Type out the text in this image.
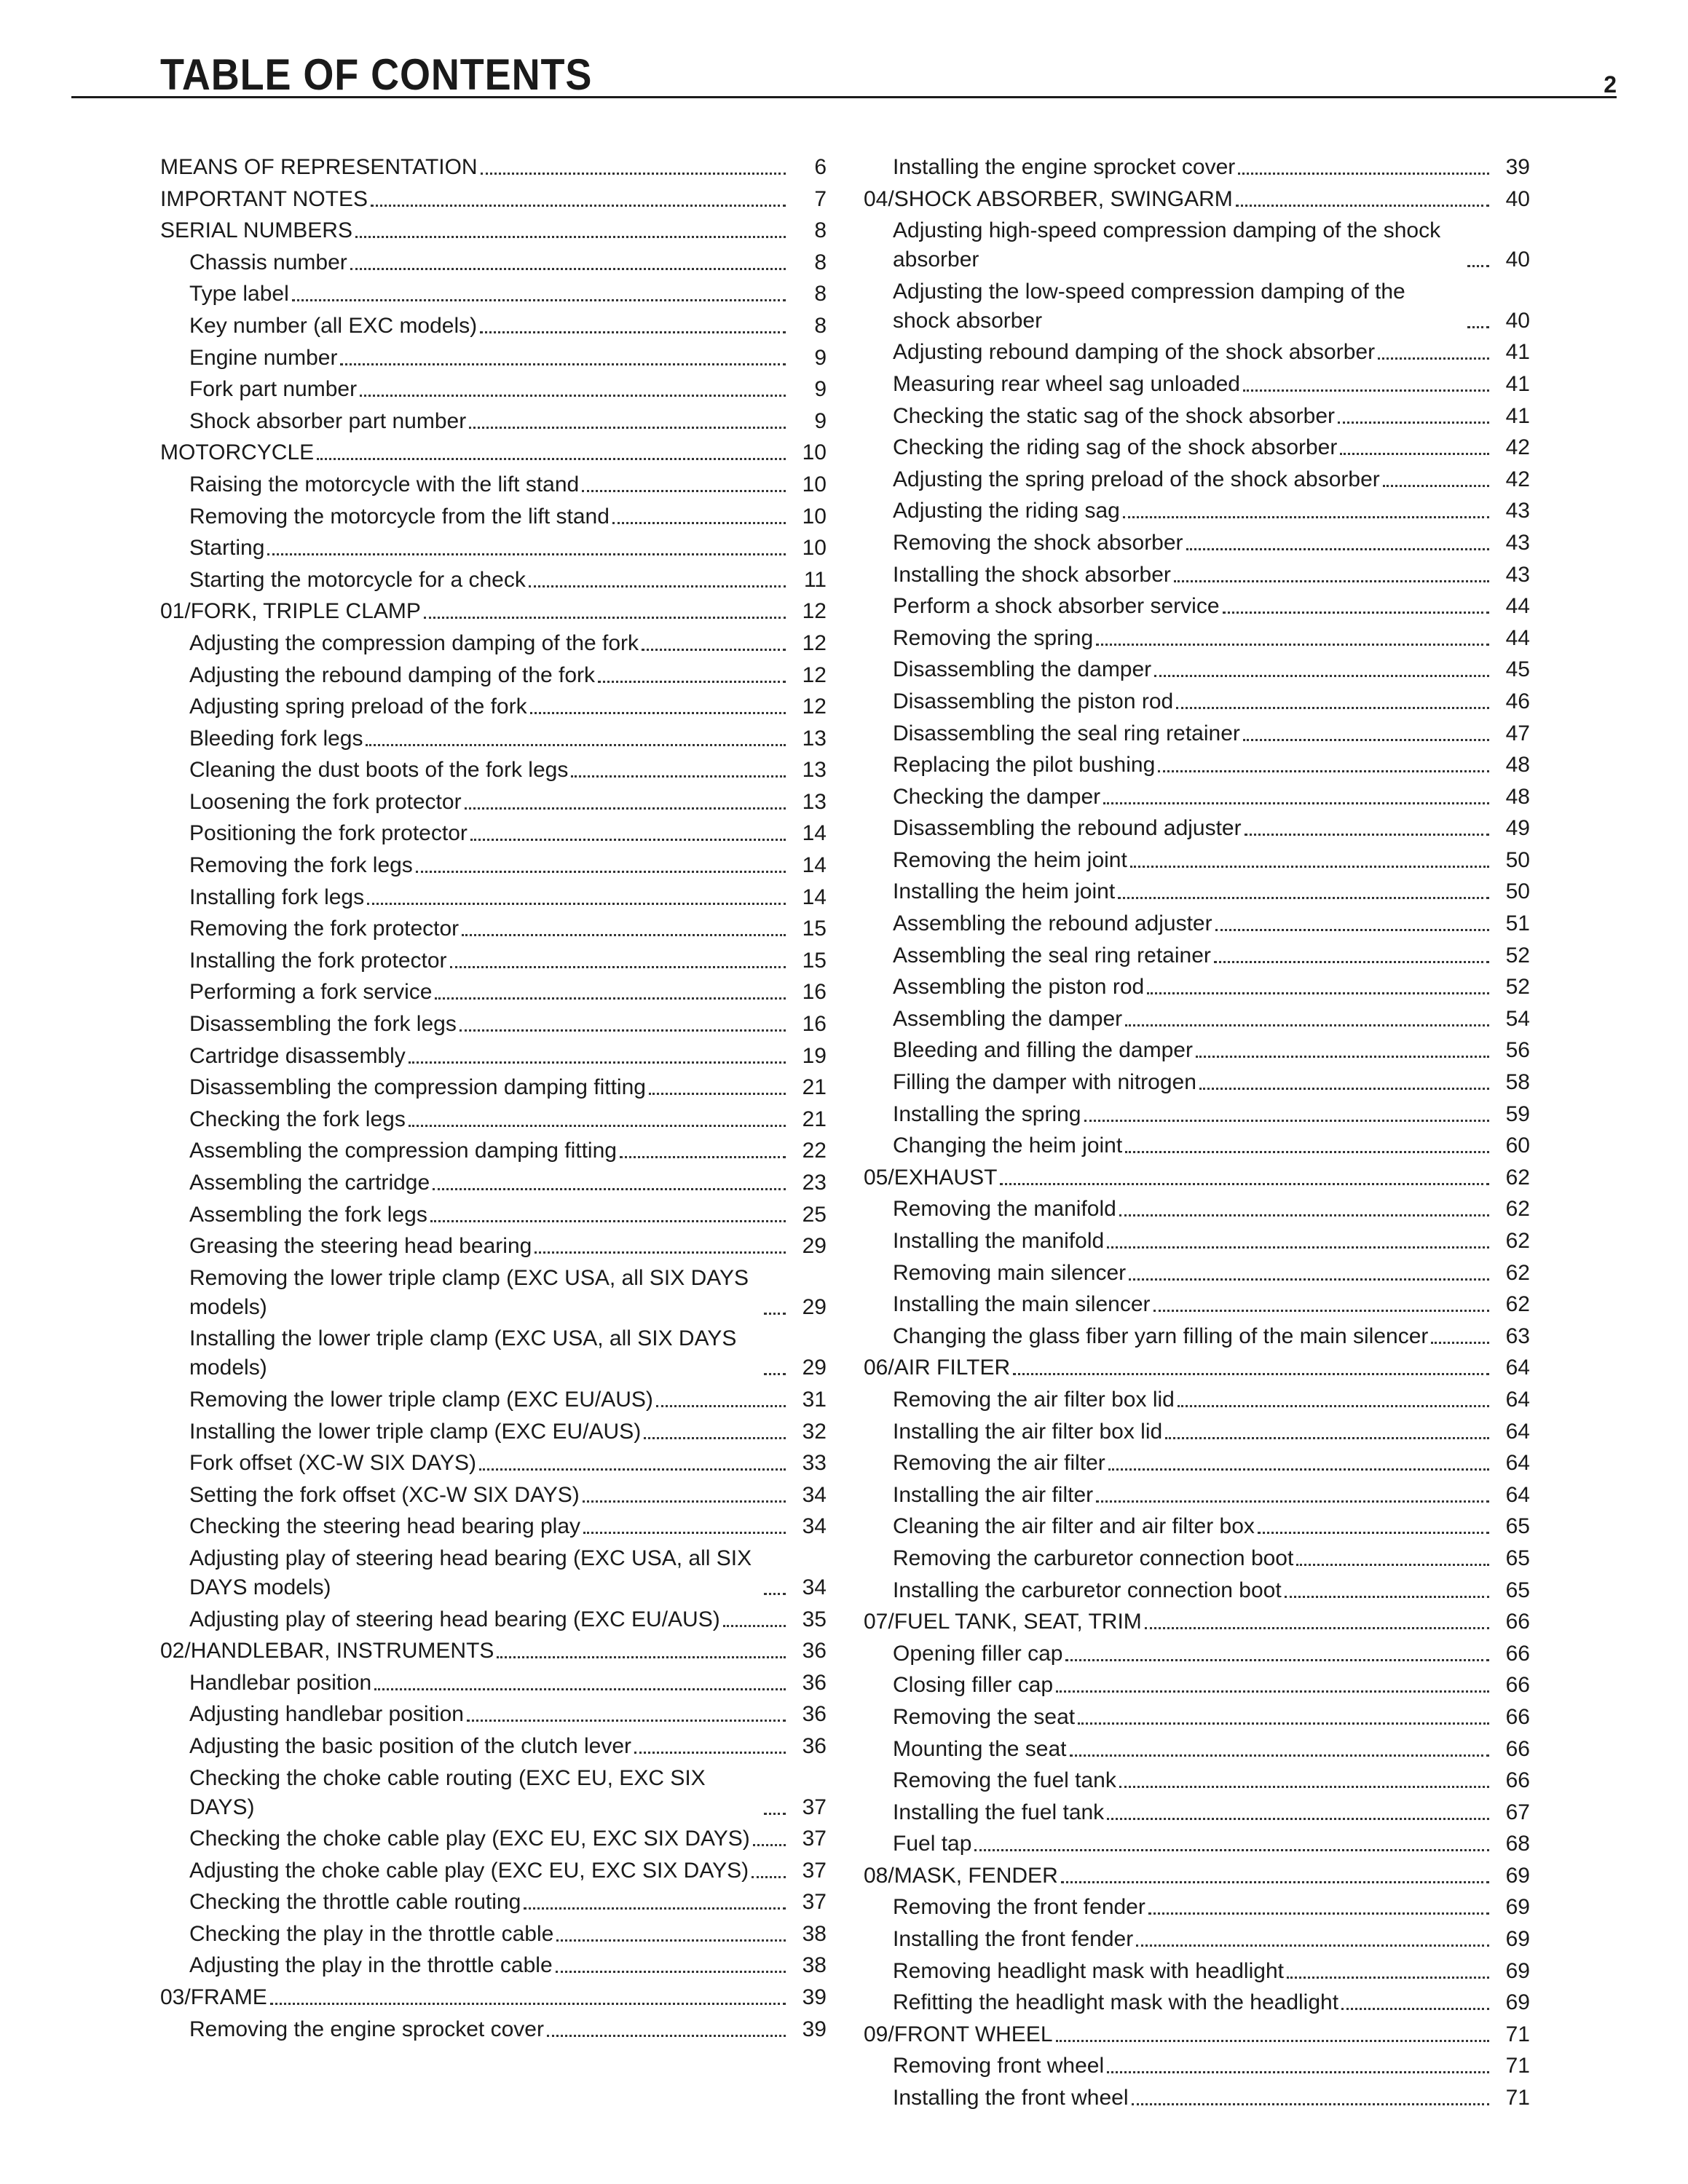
TABLE OF CONTENTS	2
MEANS OF REPRESENTATION	6
IMPORTANT NOTES	7
SERIAL NUMBERS	8
Chassis number	8
Type label	8
Key number (all EXC models)	8
Engine number	9
Fork part number	9
Shock absorber part number	9
MOTORCYCLE	10
Raising the motorcycle with the lift stand	10
Removing the motorcycle from the lift stand	10
Starting	10
Starting the motorcycle for a check	11
01/FORK, TRIPLE CLAMP	12
Adjusting the compression damping of the fork	12
Adjusting the rebound damping of the fork	12
Adjusting spring preload of the fork	12
Bleeding fork legs	13
Cleaning the dust boots of the fork legs	13
Loosening the fork protector	13
Positioning the fork protector	14
Removing the fork legs	14
Installing fork legs	14
Removing the fork protector	15
Installing the fork protector	15
Performing a fork service	16
Disassembling the fork legs	16
Cartridge disassembly	19
Disassembling the compression damping fitting	21
Checking the fork legs	21
Assembling the compression damping fitting	22
Assembling the cartridge	23
Assembling the fork legs	25
Greasing the steering head bearing	29
Removing the lower triple clamp (EXC USA, all SIX DAYS models)	29
Installing the lower triple clamp (EXC USA, all SIX DAYS models)	29
Removing the lower triple clamp (EXC EU/AUS)	31
Installing the lower triple clamp (EXC EU/AUS)	32
Fork offset (XC-W SIX DAYS)	33
Setting the fork offset (XC-W SIX DAYS)	34
Checking the steering head bearing play	34
Adjusting play of steering head bearing (EXC USA, all SIX DAYS models)	34
Adjusting play of steering head bearing (EXC EU/AUS)	35
02/HANDLEBAR, INSTRUMENTS	36
Handlebar position	36
Adjusting handlebar position	36
Adjusting the basic position of the clutch lever	36
Checking the choke cable routing (EXC EU, EXC SIX DAYS)	37
Checking the choke cable play (EXC EU, EXC SIX DAYS)	37
Adjusting the choke cable play (EXC EU, EXC SIX DAYS)	37
Checking the throttle cable routing	37
Checking the play in the throttle cable	38
Adjusting the play in the throttle cable	38
03/FRAME	39
Removing the engine sprocket cover	39
Installing the engine sprocket cover	39
04/SHOCK ABSORBER, SWINGARM	40
Adjusting high-speed compression damping of the shock absorber	40
Adjusting the low-speed compression damping of the shock absorber	40
Adjusting rebound damping of the shock absorber	41
Measuring rear wheel sag unloaded	41
Checking the static sag of the shock absorber	41
Checking the riding sag of the shock absorber	42
Adjusting the spring preload of the shock absorber	42
Adjusting the riding sag	43
Removing the shock absorber	43
Installing the shock absorber	43
Perform a shock absorber service	44
Removing the spring	44
Disassembling the damper	45
Disassembling the piston rod	46
Disassembling the seal ring retainer	47
Replacing the pilot bushing	48
Checking the damper	48
Disassembling the rebound adjuster	49
Removing the heim joint	50
Installing the heim joint	50
Assembling the rebound adjuster	51
Assembling the seal ring retainer	52
Assembling the piston rod	52
Assembling the damper	54
Bleeding and filling the damper	56
Filling the damper with nitrogen	58
Installing the spring	59
Changing the heim joint	60
05/EXHAUST	62
Removing the manifold	62
Installing the manifold	62
Removing main silencer	62
Installing the main silencer	62
Changing the glass fiber yarn filling of the main silencer	63
06/AIR FILTER	64
Removing the air filter box lid	64
Installing the air filter box lid	64
Removing the air filter	64
Installing the air filter	64
Cleaning the air filter and air filter box	65
Removing the carburetor connection boot	65
Installing the carburetor connection boot	65
07/FUEL TANK, SEAT, TRIM	66
Opening filler cap	66
Closing filler cap	66
Removing the seat	66
Mounting the seat	66
Removing the fuel tank	66
Installing the fuel tank	67
Fuel tap	68
08/MASK, FENDER	69
Removing the front fender	69
Installing the front fender	69
Removing headlight mask with headlight	69
Refitting the headlight mask with the headlight	69
09/FRONT WHEEL	71
Removing front wheel	71
Installing the front wheel	71
